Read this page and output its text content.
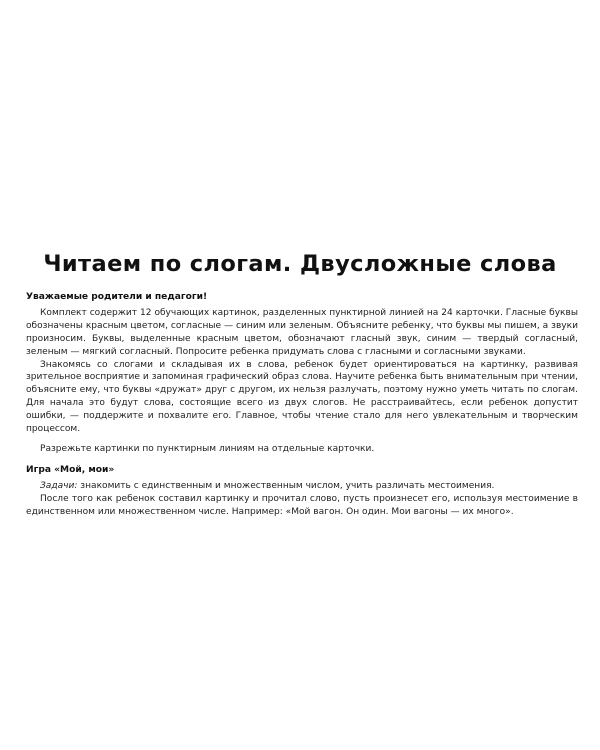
Читаем по слогам. Двусложные слова
Уважаемые родители и педагоги!

Комплект содержит 12 обучающих картинок, разделенных пунктирной линией на 24 карточки. Гласные буквы обозначены красным цветом, согласные — синим или зеленым. Объясните ребенку, что буквы мы пишем, а звуки произносим. Буквы, выделенные красным цветом, обозначают гласный звук, синим — твердый согласный, зеленым — мягкий согласный. Попросите ребенка придумать слова с гласными и согласными звуками.

Знакомясь со слогами и складывая их в слова, ребенок будет ориентироваться на картинку, развивая зрительное восприятие и запоминая графический образ слова. Научите ребенка быть внимательным при чтении, объясните ему, что буквы «дружат» друг с другом, их нельзя разлучать, поэтому нужно уметь читать по слогам. Для начала это будут слова, состоящие всего из двух слогов. Не расстраивайтесь, если ребенок допустит ошибки, — поддержите и похвалите его. Главное, чтобы чтение стало для него увлекательным и творческим процессом.

Разрежьте картинки по пунктирным линиям на отдельные карточки.

Игра «Мой, мои»

Задачи: знакомить с единственным и множественным числом, учить различать местоимения.

После того как ребенок составил картинку и прочитал слово, пусть произнесет его, используя местоимение в единственном или множественном числе. Например: «Мой вагон. Он один. Мои вагоны — их много».
